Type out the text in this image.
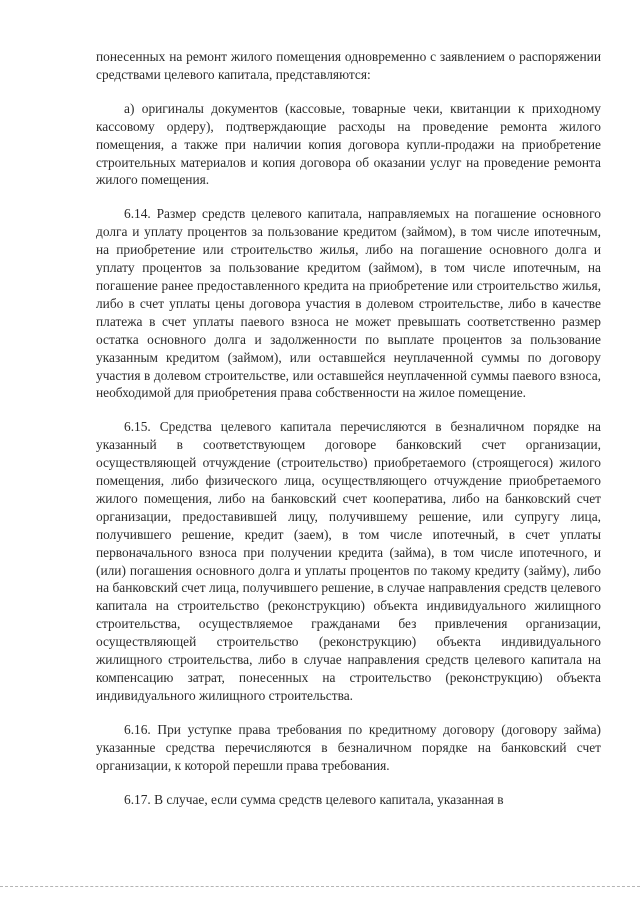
понесенных на ремонт жилого помещения одновременно с заявлением о распоряжении средствами целевого капитала, представляются:

а) оригиналы документов (кассовые, товарные чеки, квитанции к приходному кассовому ордеру), подтверждающие расходы на проведение ремонта жилого помещения, а также при наличии копия договора купли-продажи на приобретение строительных материалов и копия договора об оказании услуг на проведение ремонта жилого помещения.

6.14. Размер средств целевого капитала, направляемых на погашение основного долга и уплату процентов за пользование кредитом (займом), в том числе ипотечным, на приобретение или строительство жилья, либо на погашение основного долга и уплату процентов за пользование кредитом (займом), в том числе ипотечным, на погашение ранее предоставленного кредита на приобретение или строительство жилья, либо в счет уплаты цены договора участия в долевом строительстве, либо в качестве платежа в счет уплаты паевого взноса не может превышать соответственно размер остатка основного долга и задолженности по выплате процентов за пользование указанным кредитом (займом), или оставшейся неуплаченной суммы по договору участия в долевом строительстве, или оставшейся неуплаченной суммы паевого взноса, необходимой для приобретения права собственности на жилое помещение.

6.15. Средства целевого капитала перечисляются в безналичном порядке на указанный в соответствующем договоре банковский счет организации, осуществляющей отчуждение (строительство) приобретаемого (строящегося) жилого помещения, либо физического лица, осуществляющего отчуждение приобретаемого жилого помещения, либо на банковский счет кооператива, либо на банковский счет организации, предоставившей лицу, получившему решение, или супругу лица, получившего решение, кредит (заем), в том числе ипотечный, в счет уплаты первоначального взноса при получении кредита (займа), в том числе ипотечного, и (или) погашения основного долга и уплаты процентов по такому кредиту (займу), либо на банковский счет лица, получившего решение, в случае направления средств целевого капитала на строительство (реконструкцию) объекта индивидуального жилищного строительства, осуществляемое гражданами без привлечения организации, осуществляющей строительство (реконструкцию) объекта индивидуального жилищного строительства, либо в случае направления средств целевого капитала на компенсацию затрат, понесенных на строительство (реконструкцию) объекта индивидуального жилищного строительства.

6.16. При уступке права требования по кредитному договору (договору займа) указанные средства перечисляются в безналичном порядке на банковский счет организации, к которой перешли права требования.

6.17. В случае, если сумма средств целевого капитала, указанная в
